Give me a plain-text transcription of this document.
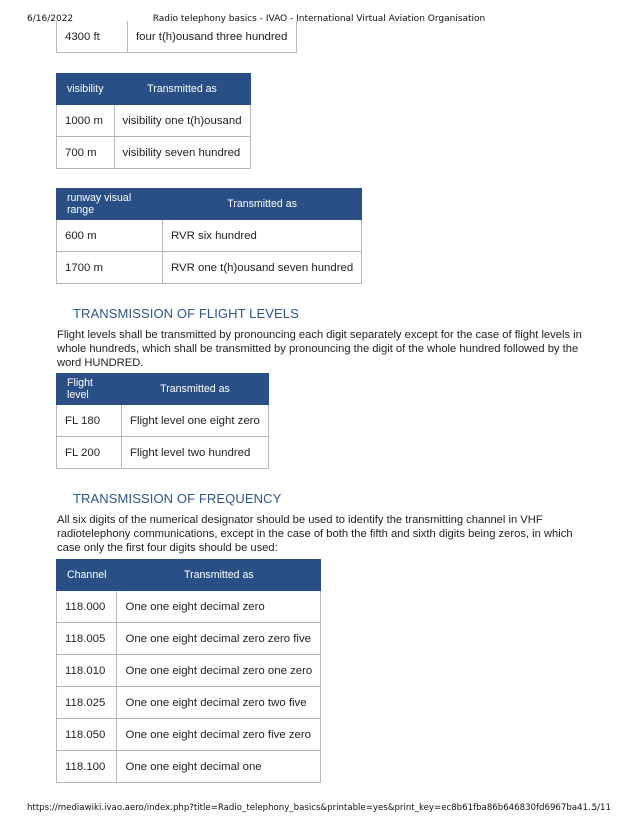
6/16/2022	Radio telephony basics - IVAO - International Virtual Aviation Organisation
4300 ft	four t(h)ousand three hundred
visibility	Transmitted as
1000 m	visibility one t(h)ousand
700 m	visibility seven hundred
runway visual range	Transmitted as
600 m	RVR six hundred
1700 m	RVR one t(h)ousand seven hundred
TRANSMISSION OF FLIGHT LEVELS
Flight levels shall be transmitted by pronouncing each digit separately except for the case of flight levels in whole hundreds, which shall be transmitted by pronouncing the digit of the whole hundred followed by the word HUNDRED.
Flight level	Transmitted as
FL 180	Flight level one eight zero
FL 200	Flight level two hundred
TRANSMISSION OF FREQUENCY
All six digits of the numerical designator should be used to identify the transmitting channel in VHF radiotelephony communications, except in the case of both the fifth and sixth digits being zeros, in which case only the first four digits should be used:
Channel	Transmitted as
118.000	One one eight decimal zero
118.005	One one eight decimal zero zero five
118.010	One one eight decimal zero one zero
118.025	One one eight decimal zero two five
118.050	One one eight decimal zero five zero
118.100	One one eight decimal one
https://mediawiki.ivao.aero/index.php?title=Radio_telephony_basics&printable=yes&print_key=ec8b61fba86b646830fd6967ba41...
5/11
